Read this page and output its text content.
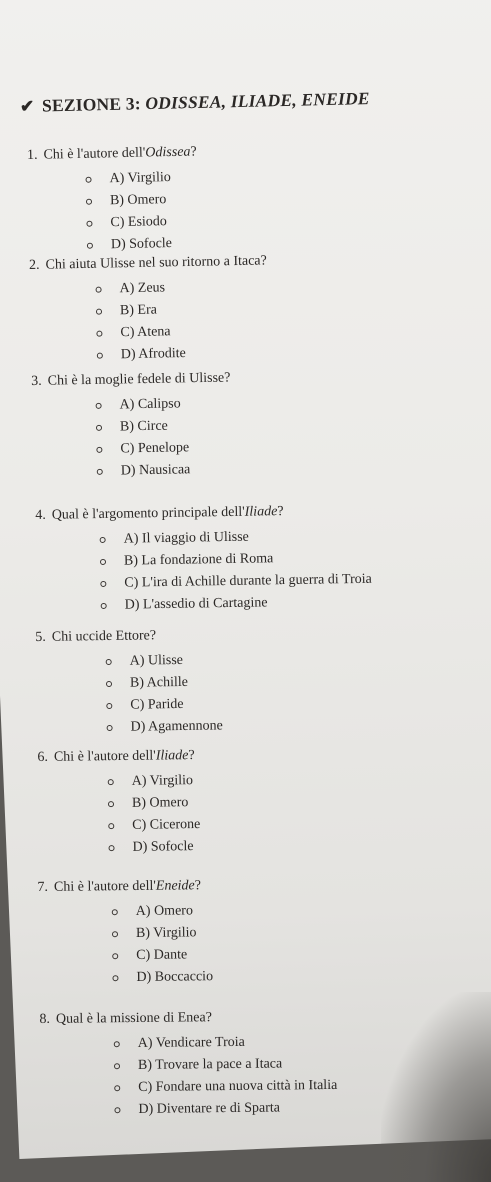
✔ SEZIONE 3: ODISSEA, ILIADE, ENEIDE
1. Chi è l'autore dell'Odissea?
A) Virgilio
B) Omero
C) Esiodo
D) Sofocle
2. Chi aiuta Ulisse nel suo ritorno a Itaca?
A) Zeus
B) Era
C) Atena
D) Afrodite
3. Chi è la moglie fedele di Ulisse?
A) Calipso
B) Circe
C) Penelope
D) Nausicaa
4. Qual è l'argomento principale dell'Iliade?
A) Il viaggio di Ulisse
B) La fondazione di Roma
C) L'ira di Achille durante la guerra di Troia
D) L'assedio di Cartagine
5. Chi uccide Ettore?
A) Ulisse
B) Achille
C) Paride
D) Agamennone
6. Chi è l'autore dell'Iliade?
A) Virgilio
B) Omero
C) Cicerone
D) Sofocle
7. Chi è l'autore dell'Eneide?
A) Omero
B) Virgilio
C) Dante
D) Boccaccio
8. Qual è la missione di Enea?
A) Vendicare Troia
B) Trovare la pace a Itaca
C) Fondare una nuova città in Italia
D) Diventare re di Sparta
